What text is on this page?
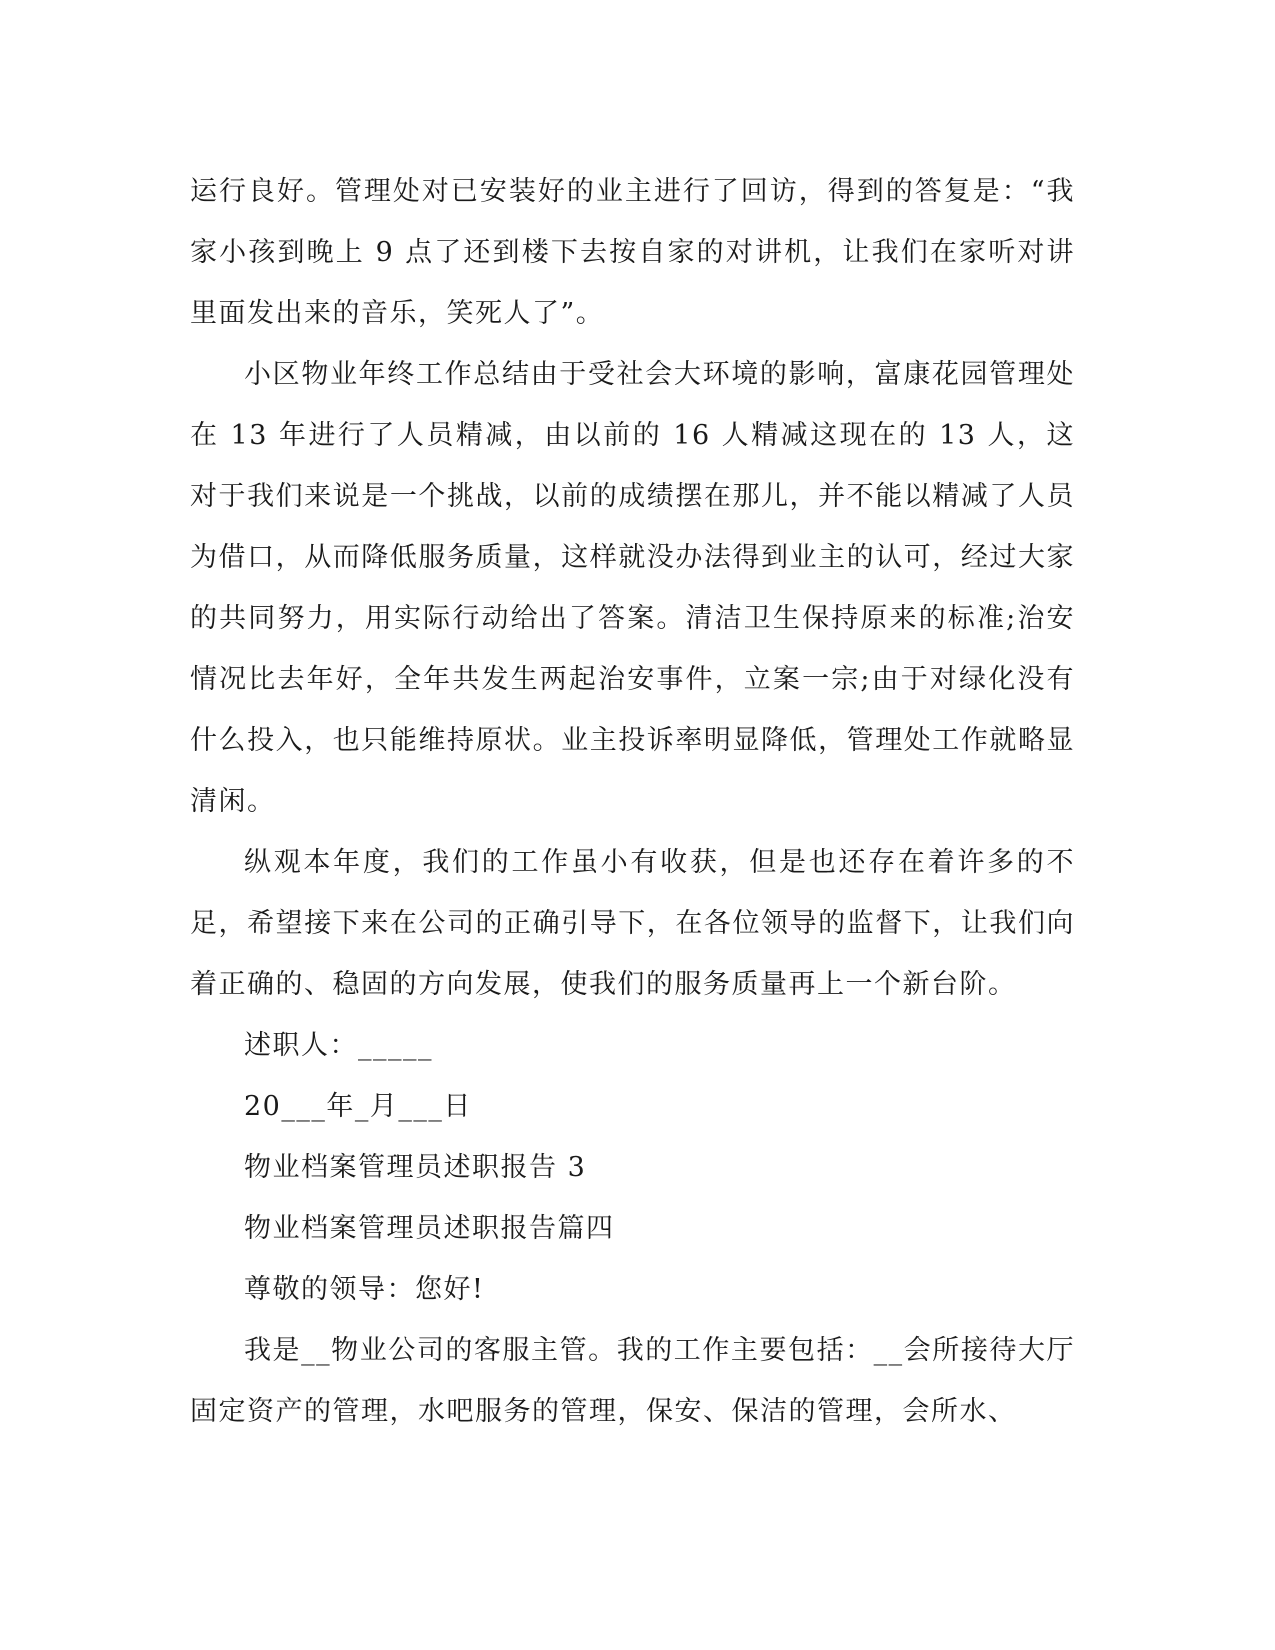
运行良好。管理处对已安装好的业主进行了回访，得到的答复是：“我家小孩到晚上 9 点了还到楼下去按自家的对讲机，让我们在家听对讲里面发出来的音乐，笑死人了”。

小区物业年终工作总结由于受社会大环境的影响，富康花园管理处在 13 年进行了人员精减，由以前的 16 人精减这现在的 13 人，这对于我们来说是一个挑战，以前的成绩摆在那儿，并不能以精减了人员为借口，从而降低服务质量，这样就没办法得到业主的认可，经过大家的共同努力，用实际行动给出了答案。清洁卫生保持原来的标准;治安情况比去年好，全年共发生两起治安事件，立案一宗;由于对绿化没有什么投入，也只能维持原状。业主投诉率明显降低，管理处工作就略显清闲。

纵观本年度，我们的工作虽小有收获，但是也还存在着许多的不足，希望接下来在公司的正确引导下，在各位领导的监督下，让我们向着正确的、稳固的方向发展，使我们的服务质量再上一个新台阶。

述职人：_____

20___年_月___日

物业档案管理员述职报告 3

物业档案管理员述职报告篇四

尊敬的领导：您好!

我是__物业公司的客服主管。我的工作主要包括：__会所接待大厅固定资产的管理，水吧服务的管理，保安、保洁的管理，会所水、
